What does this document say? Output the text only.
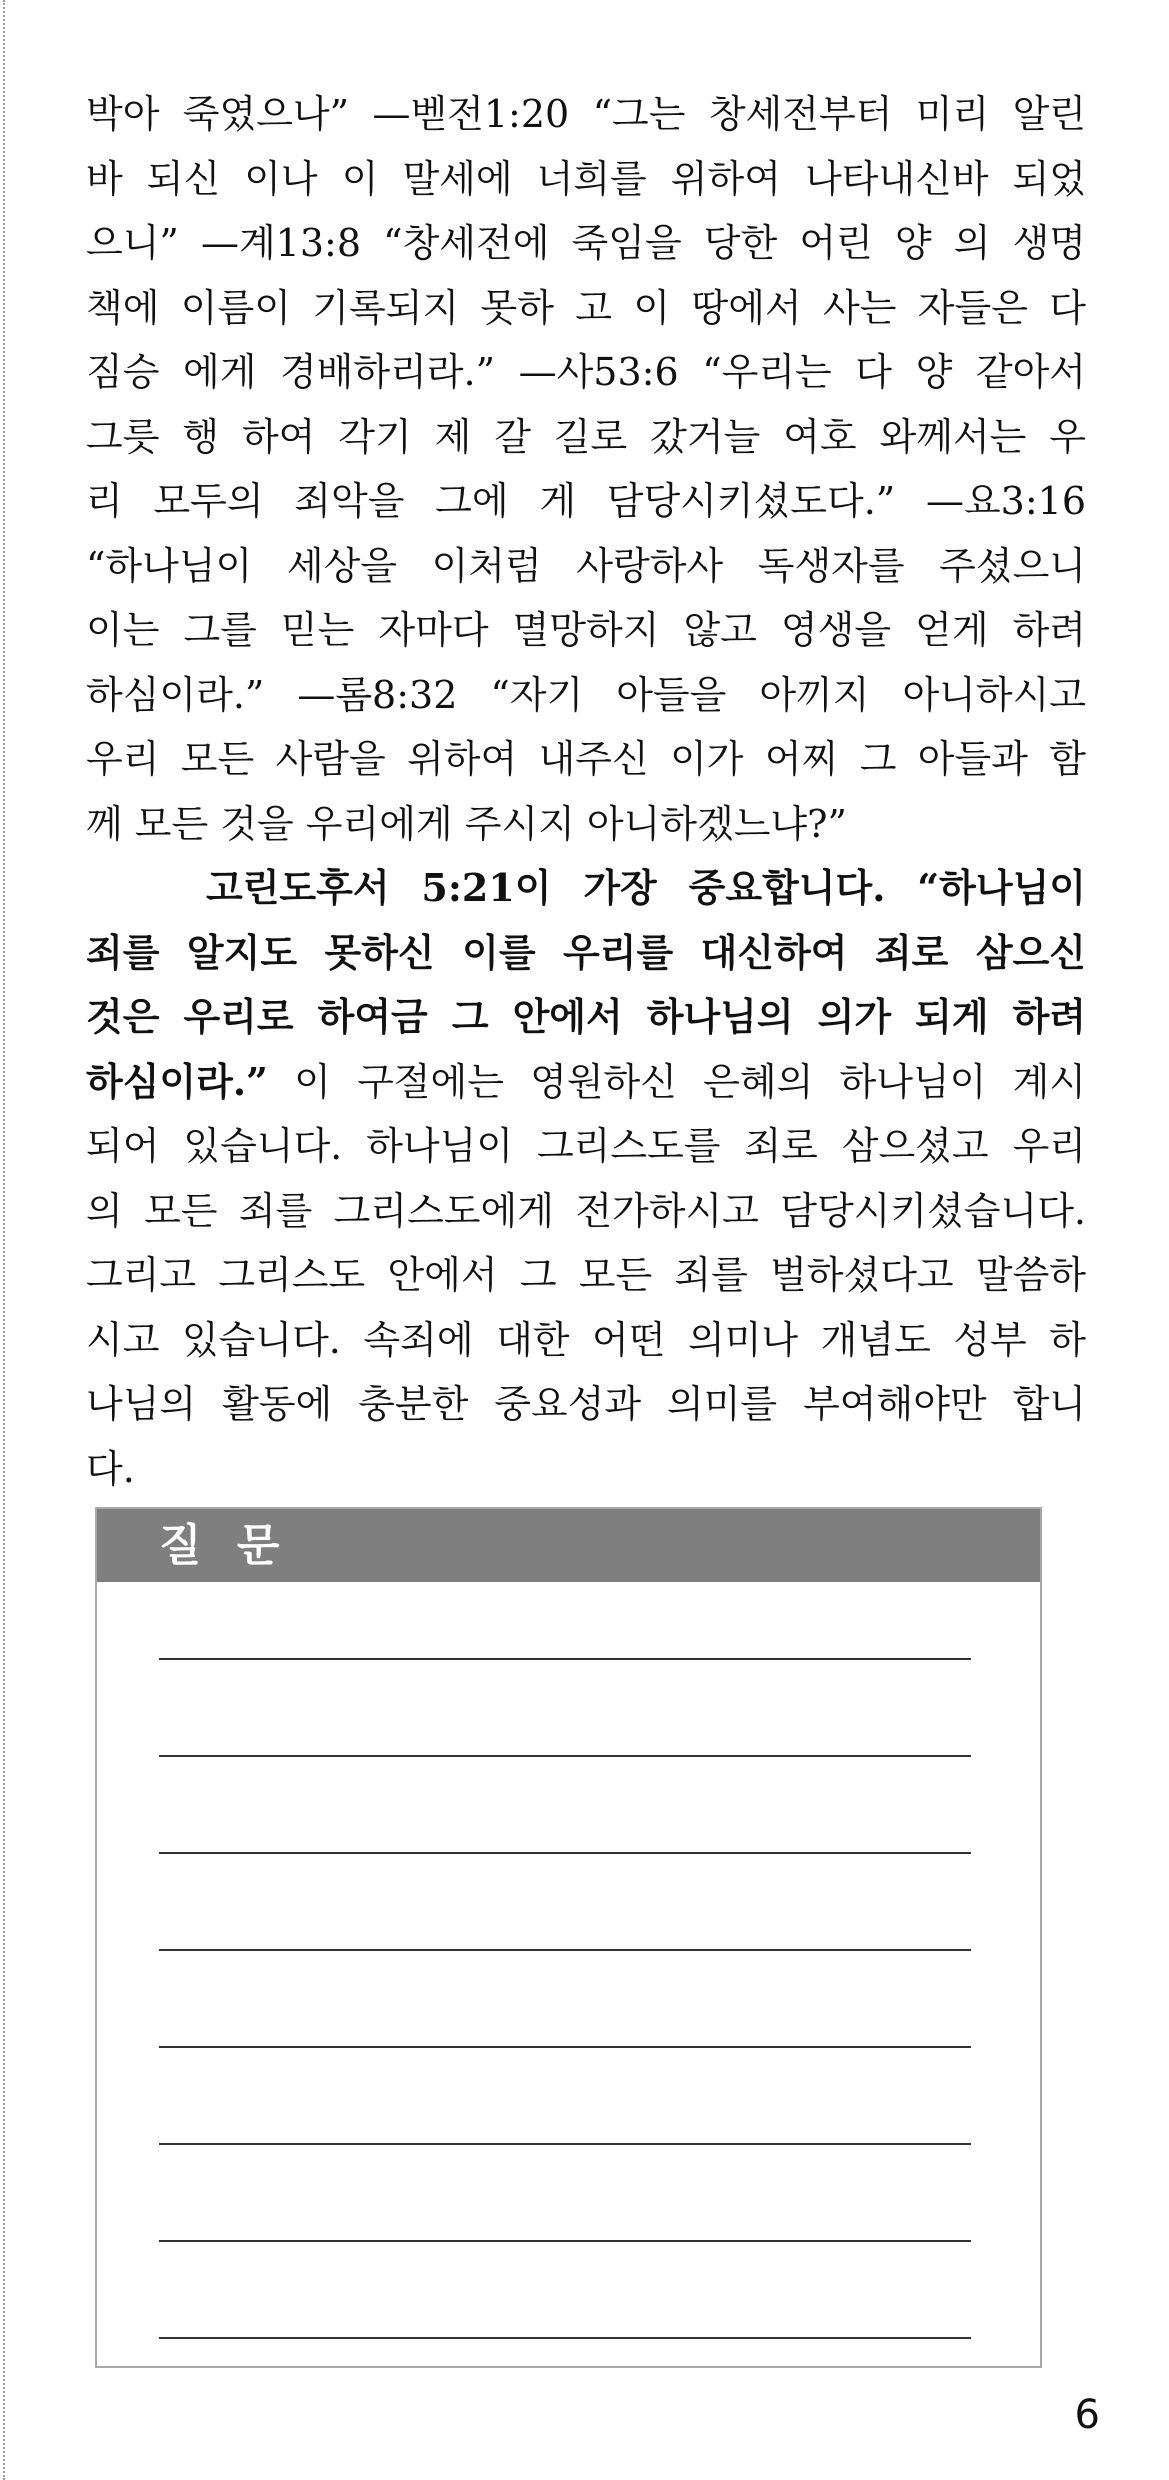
박아 죽였으나” —벧전1:20 “그는 창세전부터 미리 알린
바 되신 이나 이 말세에 너희를 위하여 나타내신바 되었
으니” —계13:8 “창세전에 죽임을 당한 어린 양 의 생명
책에 이름이 기록되지 못하 고 이 땅에서 사는 자들은 다
짐승 에게 경배하리라.” —사53:6 “우리는 다 양 같아서
그릇 행 하여 각기 제 갈 길로 갔거늘 여호 와께서는 우
리 모두의 죄악을 그에 게 담당시키셨도다.” —요3:16
“하나님이 세상을 이처럼 사랑하사 독생자를 주셨으니
이는 그를 믿는 자마다 멸망하지 않고 영생을 얻게 하려
하심이라.” —롬8:32 “자기 아들을 아끼지 아니하시고
우리 모든 사람을 위하여 내주신 이가 어찌 그 아들과 함
께 모든 것을 우리에게 주시지 아니하겠느냐?”
고린도후서 5:21이 가장 중요합니다. “하나님이
죄를 알지도 못하신 이를 우리를 대신하여 죄로 삼으신
것은 우리로 하여금 그 안에서 하나님의 의가 되게 하려
하심이라.” 이 구절에는 영원하신 은혜의 하나님이 계시
되어 있습니다. 하나님이 그리스도를 죄로 삼으셨고 우리
의 모든 죄를 그리스도에게 전가하시고 담당시키셨습니다.
그리고 그리스도 안에서 그 모든 죄를 벌하셨다고 말씀하
시고 있습니다. 속죄에 대한 어떤 의미나 개념도 성부 하
나님의 활동에 충분한 중요성과 의미를 부여해야만 합니
다.
질 문
6
